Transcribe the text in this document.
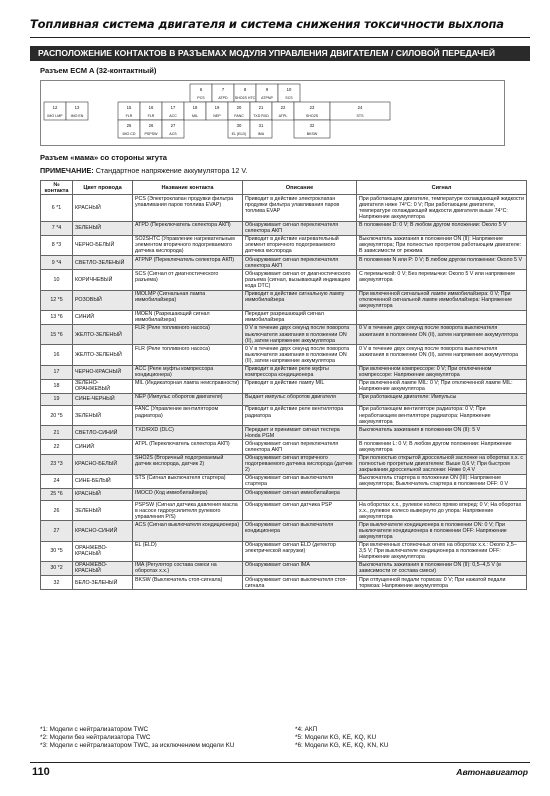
Топливная система двигателя и система снижения токсичности выхлопа
РАСПОЛОЖЕНИЕ КОНТАКТОВ В РАЗЪЕМАХ МОДУЛЯ УПРАВЛЕНИЯ ДВИГАТЕЛЕМ / СИЛОВОЙ ПЕРЕДАЧЕЙ
Разъем ECM A (32-контактный)
6
PCS
7
ATPD
8
SHO2S HTC
9
ATPNP
10
SCS
12
IMO LMP
13
IMO EN
15
FLR
16
FLR
17
ACC
18
MIL
19
NEP
20
FANC
21
TXD RXD
22
ATPL
23
SHO2S
24
STS
25
IMO CD
26
PSPSW
27
ACS
30
EL (ELD)
31
IMA
32
BKSW
Разъем «мама» со стороны жгута
ПРИМЕЧАНИЕ: Стандартное напряжение аккумулятора 12 V.
№ контакта	Цвет провода	Название контакта	Описание	Сигнал
6 *1	КРАСНЫЙ	PCS (Электроклапан продувки фильтра улавливания паров топлива EVAP)	Приводит в действие электроклапан продувки фильтра улавливания паров топлива EVAP	При работающем двигателе, температуре охлаждающей жидкости двигателя ниже 74°С: 0 V; При работающем двигателе, температуре охлаждающей жидкости двигателя выше 74°С: Напряжение аккумулятора
7 *4	ЗЕЛЕНЫЙ	ATPD (Переключатель селектора АКП)	Обнаруживает сигнал переключателя селектора АКП	В положении D: 0 V; В любом другом положении: Около 5 V
8 *3	ЧЕРНО-БЕЛЫЙ	SO2SHTC (Управление нагревательным элементом вторичного подогреваемого датчика кислорода)	Приводит в действие нагревательный элемент вторичного подогреваемого датчика кислорода	Выключатель зажигания в положении ON (II): Напряжение аккумулятора; При полностью прогретом работающем двигателе: В зависимости от режима
9 *4	СВЕТЛО-ЗЕЛЕНЫЙ	ATPNP (Переключатель селектора АКП)	Обнаруживает сигнал переключателя селектора АКП	В положении N или P: 0 V; В любом другом положении: Около 5 V
10	КОРИЧНЕВЫЙ	SCS (Сигнал от диагностического разъема)	Обнаруживает сигнал от диагностического разъема (сигнал, вызывающий индикацию кода DTC)	С перемычкой: 0 V; Без перемычки: Около 5 V или напряжение аккумулятора
12 *5	РОЗОВЫЙ	IMOLMP (Сигнальная лампа иммобилайзера)	Приводит в действие сигнальную лампу иммобилайзера	При включенной сигнальной лампе иммобилайзера: 0 V; При отключенной сигнальной лампе иммобилайзера: Напряжение аккумулятора
13 *6	СИНИЙ	IMOEN (Разрешающий сигнал иммобилайзера)	Передает разрешающий сигнал иммобилайзера	
15 *6	ЖЕЛТО-ЗЕЛЕНЫЙ	FLR (Реле топливного насоса)	0 V в течение двух секунд после поворота выключателя зажигания в положении ON (II), затем напряжение аккумулятора	0 V в течение двух секунд после поворота выключателя зажигания в положении ON (II), затем напряжение аккумулятора
16	ЖЕЛТО-ЗЕЛЕНЫЙ	FLR (Реле топливного насоса)	0 V в течение двух секунд после поворота выключателя зажигания в положении ON (II), затем напряжение аккумулятора	0 V в течение двух секунд после поворота выключателя зажигания в положении ON (II), затем напряжение аккумулятора
17	ЧЕРНО-КРАСНЫЙ	ACC (Реле муфты компрессора кондиционера)	Приводит в действие реле муфты компрессора кондиционера	При включенном компрессоре: 0 V; При отключенном компрессоре: Напряжение аккумулятора
18	ЗЕЛЕНО-ОРАНЖЕВЫЙ	MIL (Индикаторная лампа неисправности)	Приводит в действие лампу MIL	При включенной лампе MIL: 0 V; При отключенной лампе MIL: Напряжение аккумулятора
19	СИНЕ-ЧЕРНЫЙ	NEP (Импульс оборотов двигателя)	Выдает импульс оборотов двигателя	При работающем двигателе: Импульсы
20 *5	ЗЕЛЕНЫЙ	FANC (Управление вентилятором радиатора)	Приводит в действие реле вентилятора радиатора	При работающем вентиляторе радиатора: 0 V; При неработающем вентиляторе радиатора: Напряжение аккумулятора
21	СВЕТЛО-СИНИЙ	TXD/RXD (DLC)	Передает и принимает сигнал тестера Honda PGM	Выключатель зажигания в положении ON (II): 5 V
22	СИНИЙ	ATPL (Переключатель селектора АКП)	Обнаруживает сигнал переключателя селектора АКП	В положении L: 0 V; В любом другом положении: Напряжение аккумулятора
23 *3	КРАСНО-БЕЛЫЙ	SHO2S (Вторичный подогреваемый датчик кислорода, датчик 2)	Обнаруживает сигнал вторичного подогреваемого датчика кислорода (датчик 2)	При полностью открытой дроссельной заслонке на оборотах х.х. с полностью прогретым двигателем: Выше 0,6 V; При быстром закрывании дроссельной заслонки: Ниже 0,4 V
24	СИНЕ-БЕЛЫЙ	STS (Сигнал выключателя стартера)	Обнаруживает сигнал выключателя стартера	Выключатель стартера в положении ON (III): Напряжение аккумулятора; Выключатель стартера в положении OFF: 0 V
25 *6	КРАСНЫЙ	IMOCD (Код иммобилайзера)	Обнаруживает сигнал иммобилайзера	
26	ЗЕЛЕНЫЙ	PSPSW (Сигнал датчика давления масла в насосе гидроусилителя рулевого управления P/S)	Обнаруживает сигнал датчика PSP	На оборотах х.х., рулевое колесо прямо вперед: 0 V; На оборотах х.х., рулевое колесо вывернуто до упора: Напряжение аккумулятора
27	КРАСНО-СИНИЙ	ACS (Сигнал выключателя кондиционера)	Обнаруживает сигнал выключателя кондиционера	При выключателе кондиционера в положении ON: 0 V; При выключателе кондиционера в положении OFF: Напряжение аккумулятора
30 *5	ОРАНЖЕВО-КРАСНЫЙ	EL (ELD)	Обнаруживает сигнал ELD (детектор электрической нагрузки)	При включенных стояночных огнях на оборотах х.х.: Около 2,5–3,5 V; При выключателе кондиционера в положении OFF: Напряжение аккумулятора
30 *2	ОРАНЖЕВО-КРАСНЫЙ	IMA (Регулятор состава смеси на оборотах х.х.)	Обнаруживает сигнал IMA	Выключатель зажигания в положении ON (II): 0,5–4,5 V (в зависимости от состава смеси)
32	БЕЛО-ЗЕЛЕНЫЙ	BKSW (Выключатель стоп-сигнала)	Обнаруживает сигнал выключателя стоп-сигнала	При отпущенной педали тормоза: 0 V; При нажатой педали тормоза: Напряжение аккумулятора
*1: Модели с нейтрализатором TWC
*2: Модели без нейтрализатора TWC
*3: Модели с нейтрализатором TWC, за исключением модели KU
*4: АКП
*5: Модели KG, KE, KQ, KU
*6: Модели KG, KE, KQ, KN, KU
110	Автонавигатор
